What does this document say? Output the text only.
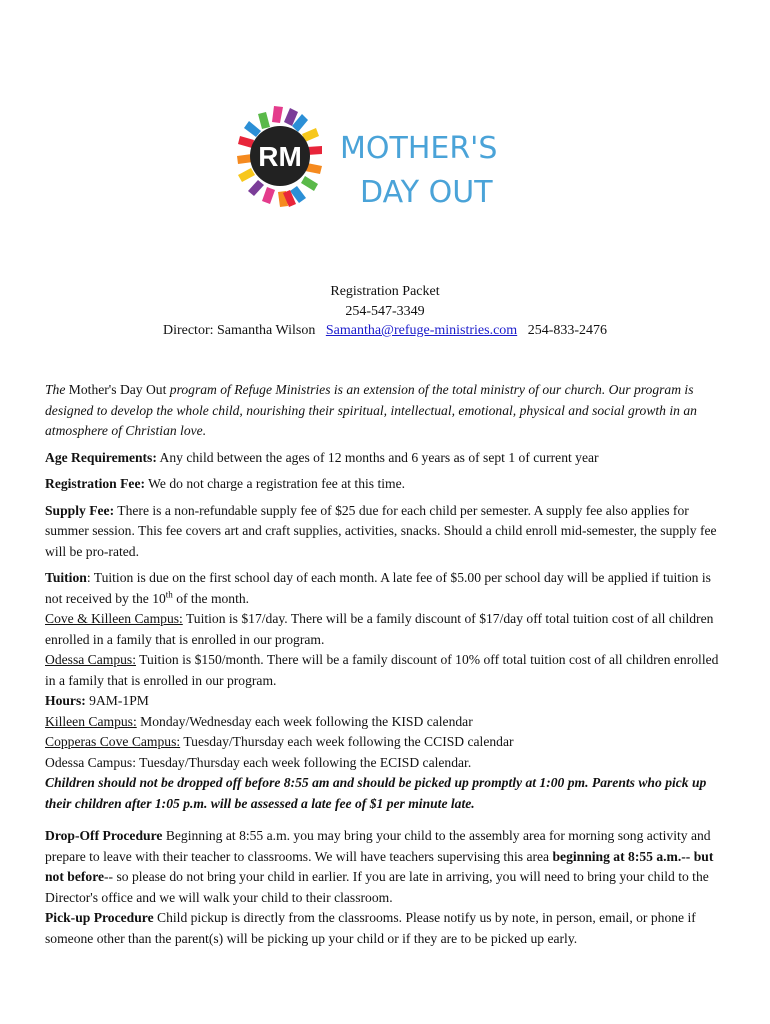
RM MOTHER'S
DAY OUT
Registration Packet
254-547-3349
Director: Samantha Wilson Samantha@refuge-ministries.com 254-833-2476

The Mother's Day Out program of Refuge Ministries is an extension of the total ministry of our church. Our program is designed to develop the whole child, nourishing their spiritual, intellectual, emotional, physical and social growth in an atmosphere of Christian love.

Age Requirements: Any child between the ages of 12 months and 6 years as of sept 1 of current year

Registration Fee: We do not charge a registration fee at this time.

Supply Fee: There is a non-refundable supply fee of $25 due for each child per semester. A supply fee also applies for summer session. This fee covers art and craft supplies, activities, snacks. Should a child enroll mid-semester, the supply fee will be pro-rated.

Tuition: Tuition is due on the first school day of each month. A late fee of $5.00 per school day will be applied if tuition is not received by the 10th of the month.

Cove & Killeen Campus: Tuition is $17/day. There will be a family discount of $17/day off total tuition cost of all children enrolled in a family that is enrolled in our program.

Odessa Campus: Tuition is $150/month. There will be a family discount of 10% off total tuition cost of all children enrolled in a family that is enrolled in our program.

Hours: 9AM-1PM

Killeen Campus: Monday/Wednesday each week following the KISD calendar

Copperas Cove Campus: Tuesday/Thursday each week following the CCISD calendar

Odessa Campus: Tuesday/Thursday each week following the ECISD calendar.

Children should not be dropped off before 8:55 am and should be picked up promptly at 1:00 pm. Parents who pick up their children after 1:05 p.m. will be assessed a late fee of $1 per minute late.

Drop-Off Procedure Beginning at 8:55 a.m. you may bring your child to the assembly area for morning song activity and prepare to leave with their teacher to classrooms. We will have teachers supervising this area beginning at 8:55 a.m.-- but not before-- so please do not bring your child in earlier. If you are late in arriving, you will need to bring your child to the Director's office and we will walk your child to their classroom.

Pick-up Procedure Child pickup is directly from the classrooms. Please notify us by note, in person, email, or phone if someone other than the parent(s) will be picking up your child or if they are to be picked up early.
